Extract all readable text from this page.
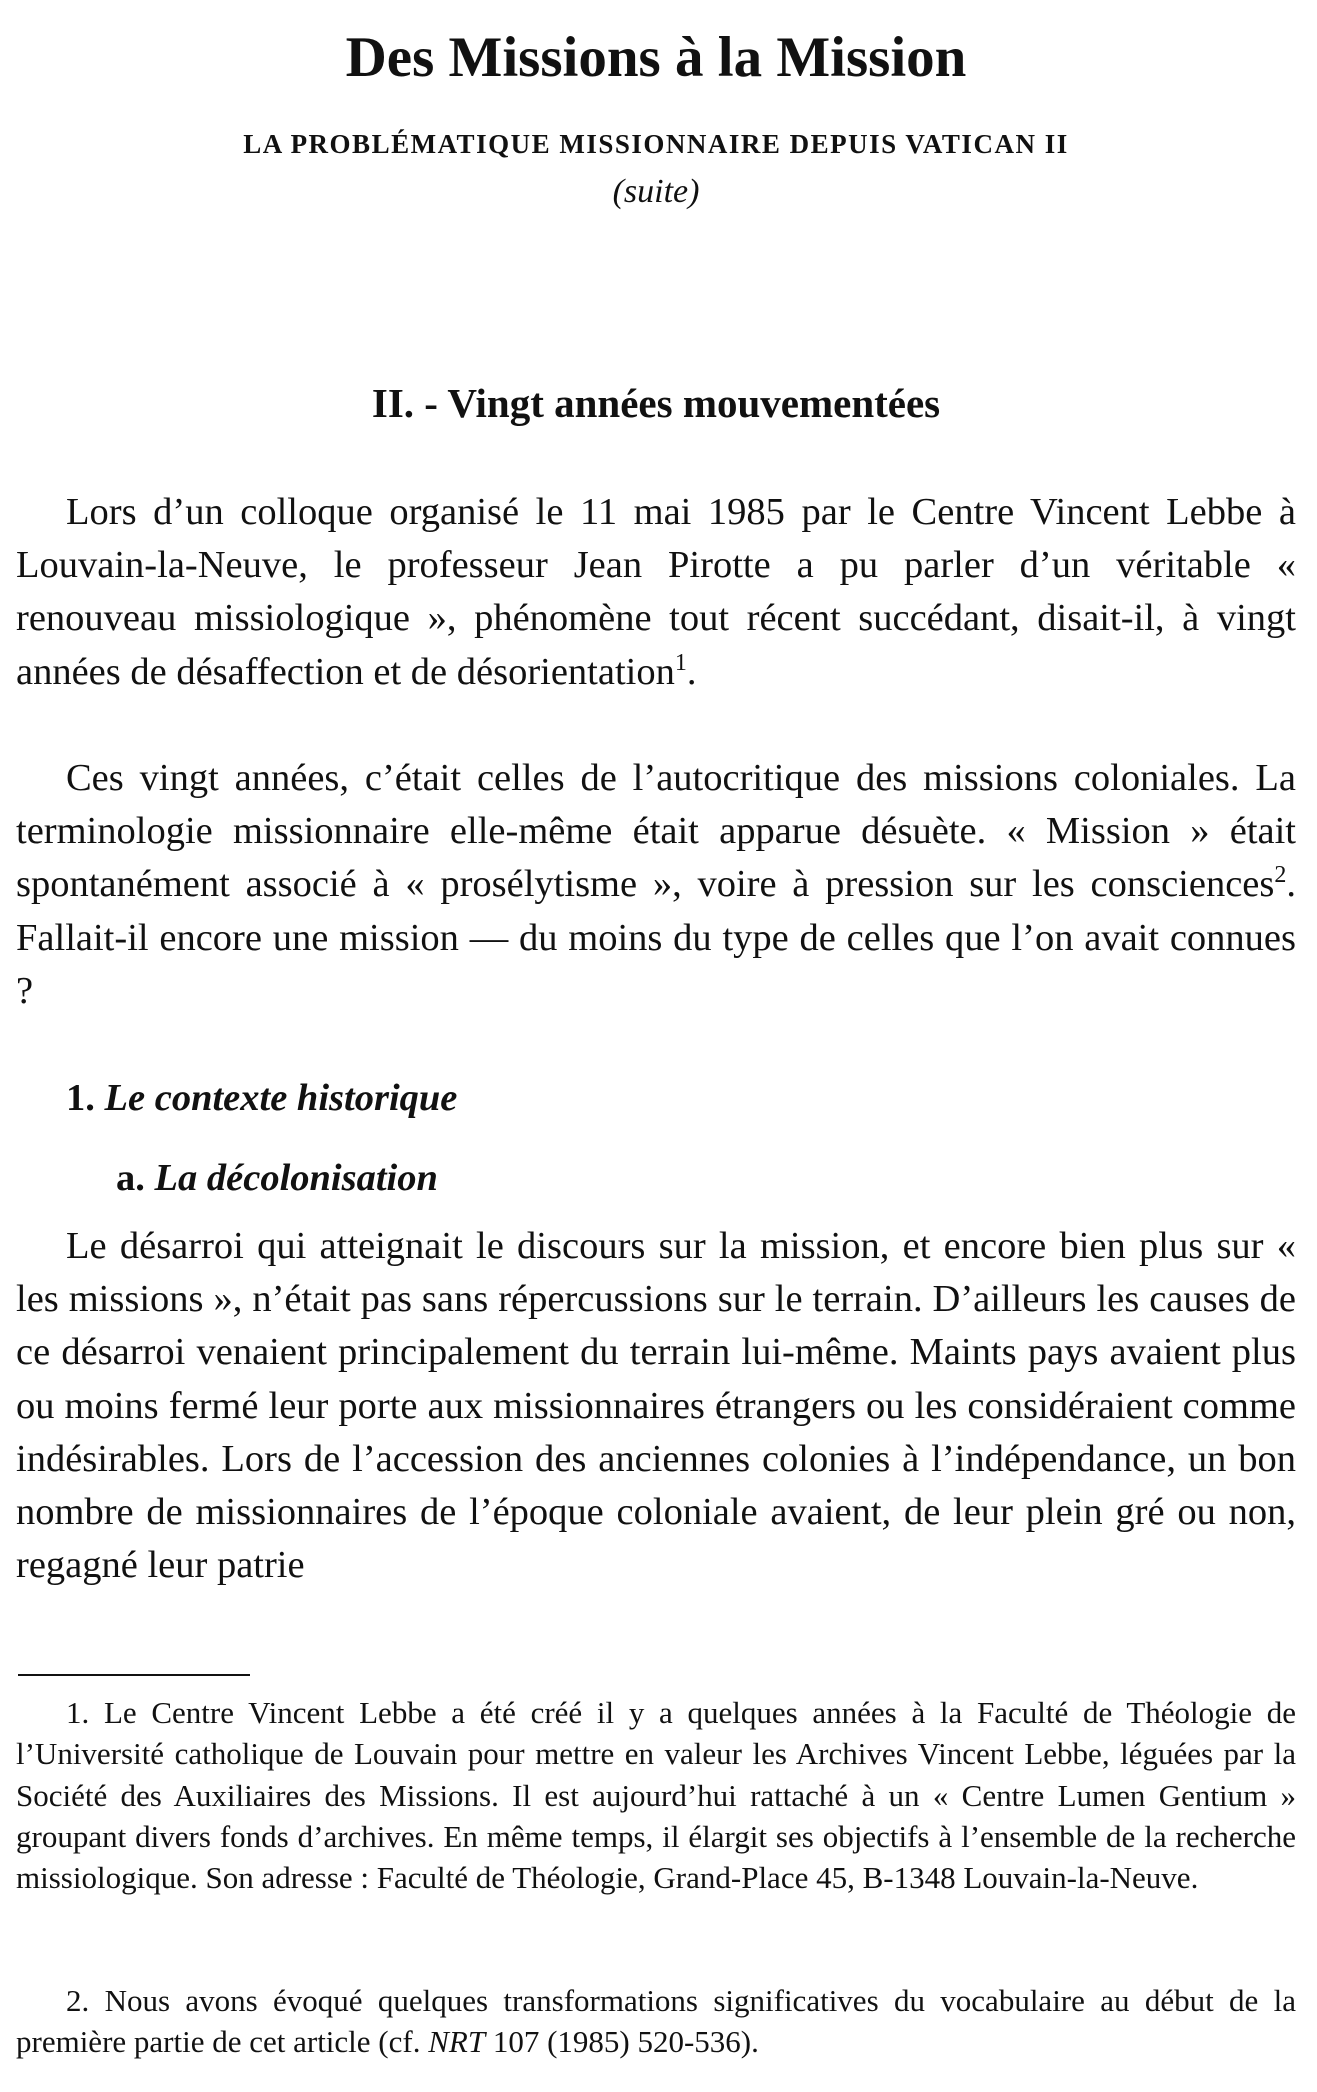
Des Missions à la Mission
LA PROBLÉMATIQUE MISSIONNAIRE DEPUIS VATICAN II
(suite)
II. - Vingt années mouvementées

Lors d’un colloque organisé le 11 mai 1985 par le Centre Vincent Lebbe à Louvain-la-Neuve, le professeur Jean Pirotte a pu parler d’un véritable « renouveau missiologique », phénomène tout récent succédant, disait-il, à vingt années de désaffection et de désorientation$^1$.

Ces vingt années, c’était celles de l’autocritique des missions coloniales. La terminologie missionnaire elle-même était apparue désuète. « Mission » était spontanément associé à « prosélytisme », voire à pression sur les consciences$^2$. Fallait-il encore une mission — du moins du type de celles que l’on avait connues ?

1. Le contexte historique
a. La décolonisation

Le désarroi qui atteignait le discours sur la mission, et encore bien plus sur « les missions », n’était pas sans répercussions sur le terrain. D’ailleurs les causes de ce désarroi venaient principalement du terrain lui-même. Maints pays avaient plus ou moins fermé leur porte aux missionnaires étrangers ou les considéraient comme indésirables. Lors de l’accession des anciennes colonies à l’indépendance, un bon nombre de missionnaires de l’époque coloniale avaient, de leur plein gré ou non, regagné leur patrie

1. Le Centre Vincent Lebbe a été créé il y a quelques années à la Faculté de Théologie de l’Université catholique de Louvain pour mettre en valeur les Archives Vincent Lebbe, léguées par la Société des Auxiliaires des Missions. Il est aujourd’hui rattaché à un « Centre Lumen Gentium » groupant divers fonds d’archives. En même temps, il élargit ses objectifs à l’ensemble de la recherche missiologique. Son adresse : Faculté de Théologie, Grand-Place 45, B-1348 Louvain-la-Neuve.

2. Nous avons évoqué quelques transformations significatives du vocabulaire au début de la première partie de cet article (cf. NRT 107 (1985) 520-536).
